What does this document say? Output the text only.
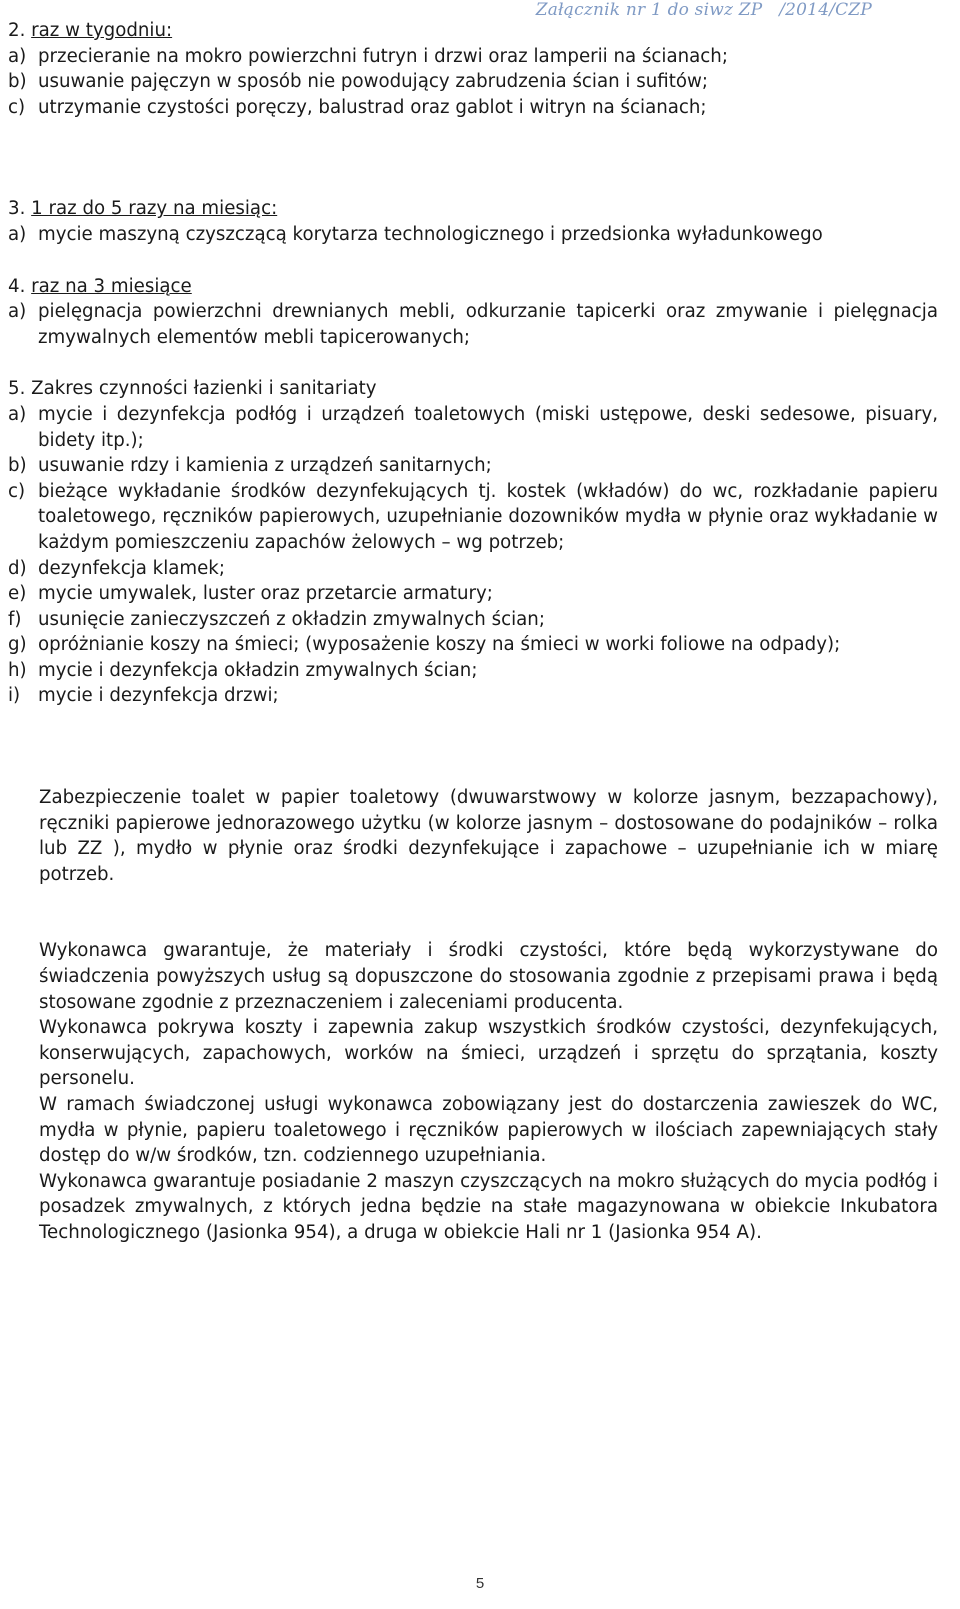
Załącznik nr 1 do siwz ZP   /2014/CZP

2. raz w tygodniu:

a) przecieranie na mokro powierzchni futryn i drzwi oraz lamperii na ścianach;
b) usuwanie pajęczyn w sposób nie powodujący zabrudzenia ścian i sufitów;
c) utrzymanie czystości poręczy, balustrad oraz gablot i witryn na ścianach;

3. 1 raz do 5 razy na miesiąc:

a) mycie maszyną czyszczącą korytarza technologicznego i przedsionka wyładunkowego

4. raz na 3 miesiące

a) pielęgnacja powierzchni drewnianych mebli, odkurzanie tapicerki oraz zmywanie i pielęgnacja zmywalnych elementów mebli tapicerowanych;

5. Zakres czynności łazienki i sanitariaty

a) mycie i dezynfekcja podłóg i urządzeń toaletowych (miski ustępowe, deski sedesowe, pisuary, bidety itp.);
b) usuwanie rdzy i kamienia z urządzeń sanitarnych;
c) bieżące wykładanie środków dezynfekujących tj. kostek (wkładów) do wc, rozkładanie papieru toaletowego, ręczników papierowych, uzupełnianie dozowników mydła w płynie oraz wykładanie w każdym pomieszczeniu zapachów żelowych – wg potrzeb;
d) dezynfekcja klamek;
e) mycie umywalek, luster oraz przetarcie armatury;
f) usunięcie zanieczyszczeń z okładzin zmywalnych ścian;
g) opróżnianie koszy na śmieci; (wyposażenie koszy na śmieci w worki foliowe na odpady);
h) mycie i dezynfekcja okładzin zmywalnych ścian;
i) mycie i dezynfekcja drzwi;

Zabezpieczenie toalet w papier toaletowy (dwuwarstwowy w kolorze jasnym, bezzapachowy), ręczniki papierowe jednorazowego użytku (w kolorze jasnym – dostosowane do podajników – rolka lub ZZ ), mydło w płynie oraz środki dezynfekujące i zapachowe – uzupełnianie ich w miarę potrzeb.

Wykonawca gwarantuje, że materiały i środki czystości, które będą wykorzystywane do świadczenia powyższych usług są dopuszczone do stosowania zgodnie z przepisami prawa i będą stosowane zgodnie z przeznaczeniem i zaleceniami producenta.

Wykonawca pokrywa koszty i zapewnia zakup wszystkich środków czystości, dezynfekujących, konserwujących, zapachowych, worków na śmieci, urządzeń i sprzętu do sprzątania, koszty personelu.

W ramach świadczonej usługi wykonawca zobowiązany jest do dostarczenia zawieszek do WC, mydła w płynie, papieru toaletowego i ręczników papierowych w ilościach zapewniających stały dostęp do w/w środków, tzn. codziennego uzupełniania.

Wykonawca gwarantuje posiadanie 2 maszyn czyszczących na mokro służących do mycia podłóg i posadzek zmywalnych, z których jedna będzie na stałe magazynowana w obiekcie Inkubatora Technologicznego (Jasionka 954), a druga w obiekcie Hali nr 1 (Jasionka 954 A).

5
